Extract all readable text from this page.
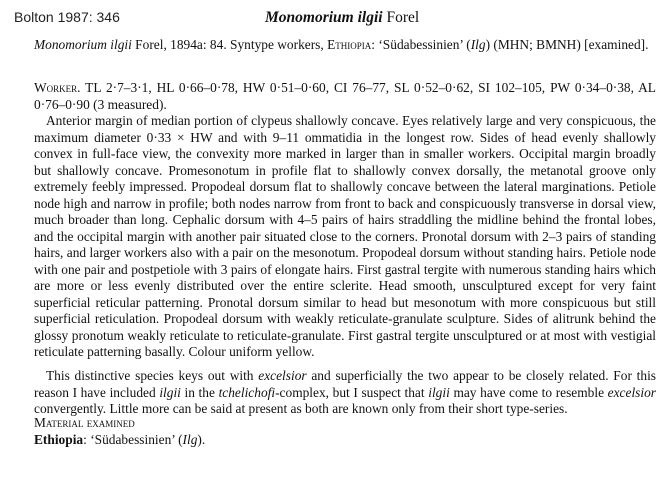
Bolton 1987: 346	Monomorium ilgii Forel

Monomorium ilgii Forel, 1894a: 84. Syntype workers, Ethiopia: ‘Südabessinien’ (Ilg) (MHN; BMNH) [examined].

Worker. TL 2·7–3·1, HL 0·66–0·78, HW 0·51–0·60, CI 76–77, SL 0·52–0·62, SI 102–105, PW 0·34–0·38, AL 0·76–0·90 (3 measured).

Anterior margin of median portion of clypeus shallowly concave. Eyes relatively large and very conspicuous, the maximum diameter 0·33 × HW and with 9–11 ommatidia in the longest row. Sides of head evenly shallowly convex in full-face view, the convexity more marked in larger than in smaller workers. Occipital margin broadly but shallowly concave. Promesonotum in profile flat to shallowly convex dorsally, the metanotal groove only extremely feebly impressed. Propodeal dorsum flat to shallowly concave between the lateral marginations. Petiole node high and narrow in profile; both nodes narrow from front to back and conspicuously transverse in dorsal view, much broader than long. Cephalic dorsum with 4–5 pairs of hairs straddling the midline behind the frontal lobes, and the occipital margin with another pair situated close to the corners. Pronotal dorsum with 2–3 pairs of standing hairs, and larger workers also with a pair on the mesonotum. Propodeal dorsum without standing hairs. Petiole node with one pair and postpetiole with 3 pairs of elongate hairs. First gastral tergite with numerous standing hairs which are more or less evenly distributed over the entire sclerite. Head smooth, unsculptured except for very faint superficial reticular patterning. Pronotal dorsum similar to head but mesonotum with more conspicuous but still superficial reticulation. Propodeal dorsum with weakly reticulate-granulate sculpture. Sides of alitrunk behind the glossy pronotum weakly reticulate to reticulate-granulate. First gastral tergite unsculptured or at most with vestigial reticulate patterning basally. Colour uniform yellow.

This distinctive species keys out with excelsior and superficially the two appear to be closely related. For this reason I have included ilgii in the tchelichofi-complex, but I suspect that ilgii may have come to resemble excelsior convergently. Little more can be said at present as both are known only from their short type-series.

Material examined

Ethiopia: ‘Südabessinien’ (Ilg).
